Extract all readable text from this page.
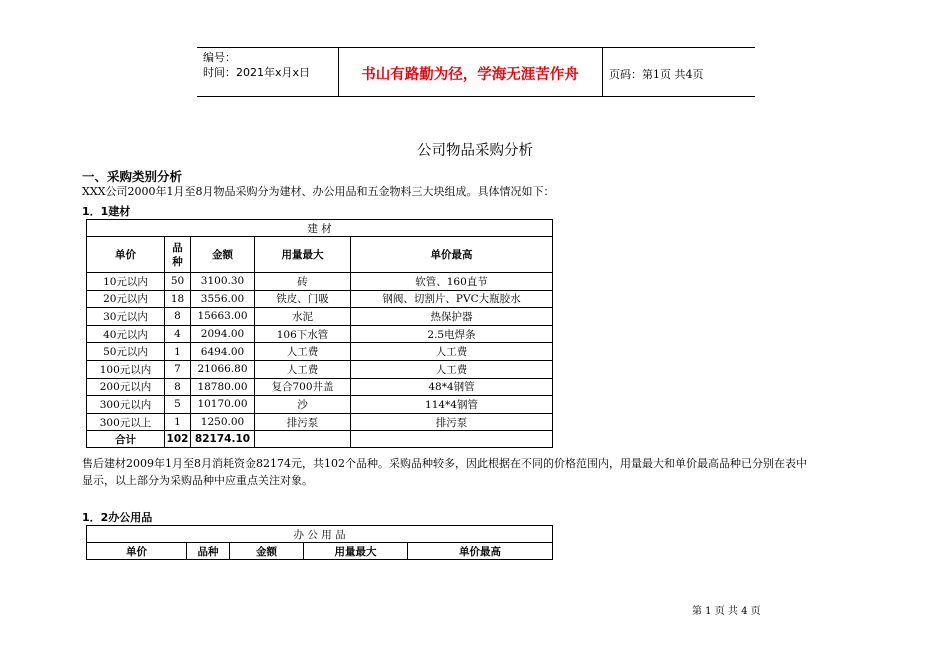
编号：
时间：2021年x月x日	书山有路勤为径，学海无涯苦作舟	页码：第1页 共4页
公司物品采购分析
一、采购类别分析
XXX公司2000年1月至8月物品采购分为建材、办公用品和五金物料三大块组成。具体情况如下：
1．1建材
建 材				
单价	品种	金额	用量最大	单价最高
10元以内	50	3100.30	砖	软管、160直节
20元以内	18	3556.00	铁皮、门吸	钢阀、切割片、PVC大瓶胶水
30元以内	8	15663.00	水泥	热保护器
40元以内	4	2094.00	106下水管	2.5电焊条
50元以内	1	6494.00	人工费	人工费
100元以内	7	21066.80	人工费	人工费
200元以内	8	18780.00	复合700井盖	48*4钢管
300元以内	5	10170.00	沙	114*4钢管
300元以上	1	1250.00	排污泵	排污泵
合计	102	82174.10		
售后建材2009年1月至8月消耗资金82174元，共102个品种。采购品种较多，因此根据在不同的价格范围内，用量最大和单价最高品种已分别在表中
显示，以上部分为采购品种中应重点关注对象。
1．2办公用品
办 公 用 品
单价	品种	金额	用量最大	单价最高
第 1 页 共 4 页
